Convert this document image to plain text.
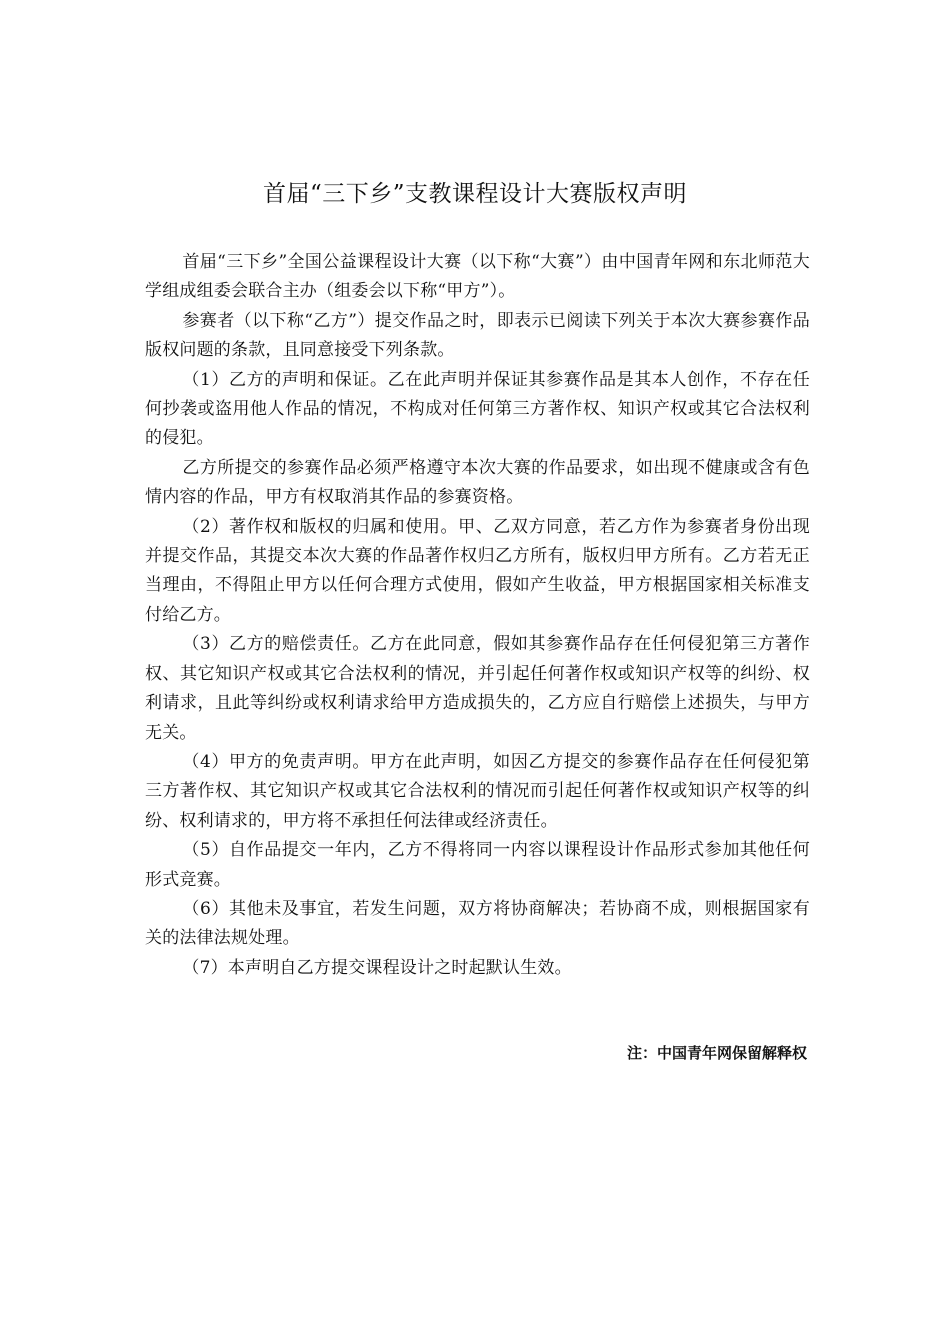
首届“三下乡”支教课程设计大赛版权声明

首届“三下乡”全国公益课程设计大赛（以下称“大赛”）由中国青年网和东北师范大学组成组委会联合主办（组委会以下称“甲方”）。

参赛者（以下称“乙方”）提交作品之时，即表示已阅读下列关于本次大赛参赛作品版权问题的条款，且同意接受下列条款。

（1）乙方的声明和保证。乙在此声明并保证其参赛作品是其本人创作，不存在任何抄袭或盗用他人作品的情况，不构成对任何第三方著作权、知识产权或其它合法权利的侵犯。

乙方所提交的参赛作品必须严格遵守本次大赛的作品要求，如出现不健康或含有色情内容的作品，甲方有权取消其作品的参赛资格。

（2）著作权和版权的归属和使用。甲、乙双方同意，若乙方作为参赛者身份出现并提交作品，其提交本次大赛的作品著作权归乙方所有，版权归甲方所有。乙方若无正当理由，不得阻止甲方以任何合理方式使用，假如产生收益，甲方根据国家相关标准支付给乙方。

（3）乙方的赔偿责任。乙方在此同意，假如其参赛作品存在任何侵犯第三方著作权、其它知识产权或其它合法权利的情况，并引起任何著作权或知识产权等的纠纷、权利请求，且此等纠纷或权利请求给甲方造成损失的，乙方应自行赔偿上述损失，与甲方无关。

（4）甲方的免责声明。甲方在此声明，如因乙方提交的参赛作品存在任何侵犯第三方著作权、其它知识产权或其它合法权利的情况而引起任何著作权或知识产权等的纠纷、权利请求的，甲方将不承担任何法律或经济责任。

（5）自作品提交一年内，乙方不得将同一内容以课程设计作品形式参加其他任何形式竞赛。

（6）其他未及事宜，若发生问题，双方将协商解决；若协商不成，则根据国家有关的法律法规处理。

（7）本声明自乙方提交课程设计之时起默认生效。

注：中国青年网保留解释权
